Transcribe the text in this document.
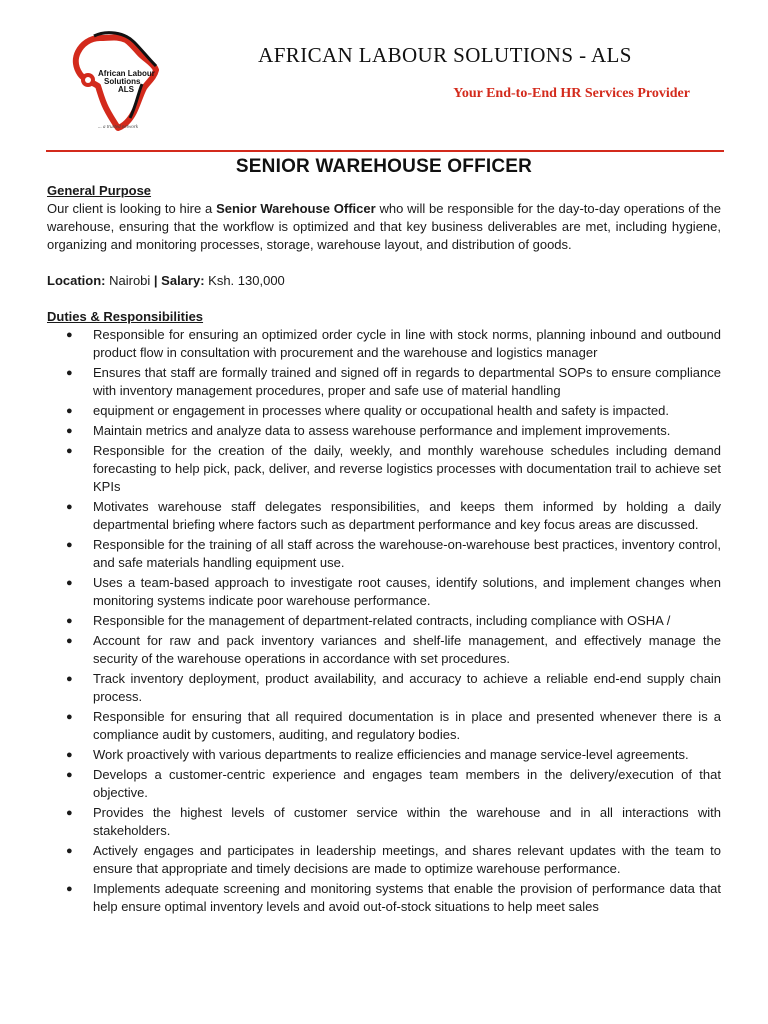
African Labour
Solutions
ALS
... a trusted network
AFRICAN LABOUR SOLUTIONS - ALS
Your End-to-End HR Services Provider
SENIOR WAREHOUSE OFFICER

General Purpose

Our client is looking to hire a Senior Warehouse Officer who will be responsible for the day-to-day operations of the warehouse, ensuring that the workflow is optimized and that key business deliverables are met, including hygiene, organizing and monitoring processes, storage, warehouse layout, and distribution of goods.

Location: Nairobi | Salary: Ksh. 130,000

Duties & Responsibilities

● Responsible for ensuring an optimized order cycle in line with stock norms, planning inbound and outbound product flow in consultation with procurement and the warehouse and logistics manager
● Ensures that staff are formally trained and signed off in regards to departmental SOPs to ensure compliance with inventory management procedures, proper and safe use of material handling
● equipment or engagement in processes where quality or occupational health and safety is impacted.
● Maintain metrics and analyze data to assess warehouse performance and implement improvements.
● Responsible for the creation of the daily, weekly, and monthly warehouse schedules including demand forecasting to help pick, pack, deliver, and reverse logistics processes with documentation trail to achieve set KPIs
● Motivates warehouse staff delegates responsibilities, and keeps them informed by holding a daily departmental briefing where factors such as department performance and key focus areas are discussed.
● Responsible for the training of all staff across the warehouse-on-warehouse best practices, inventory control, and safe materials handling equipment use.
● Uses a team-based approach to investigate root causes, identify solutions, and implement changes when monitoring systems indicate poor warehouse performance.
● Responsible for the management of department-related contracts, including compliance with OSHA /
● Account for raw and pack inventory variances and shelf-life management, and effectively manage the security of the warehouse operations in accordance with set procedures.
● Track inventory deployment, product availability, and accuracy to achieve a reliable end-end supply chain process.
● Responsible for ensuring that all required documentation is in place and presented whenever there is a compliance audit by customers, auditing, and regulatory bodies.
● Work proactively with various departments to realize efficiencies and manage service-level agreements.
● Develops a customer-centric experience and engages team members in the delivery/execution of that objective.
● Provides the highest levels of customer service within the warehouse and in all interactions with stakeholders.
● Actively engages and participates in leadership meetings, and shares relevant updates with the team to ensure that appropriate and timely decisions are made to optimize warehouse performance.
● Implements adequate screening and monitoring systems that enable the provision of performance data that help ensure optimal inventory levels and avoid out-of-stock situations to help meet sales
